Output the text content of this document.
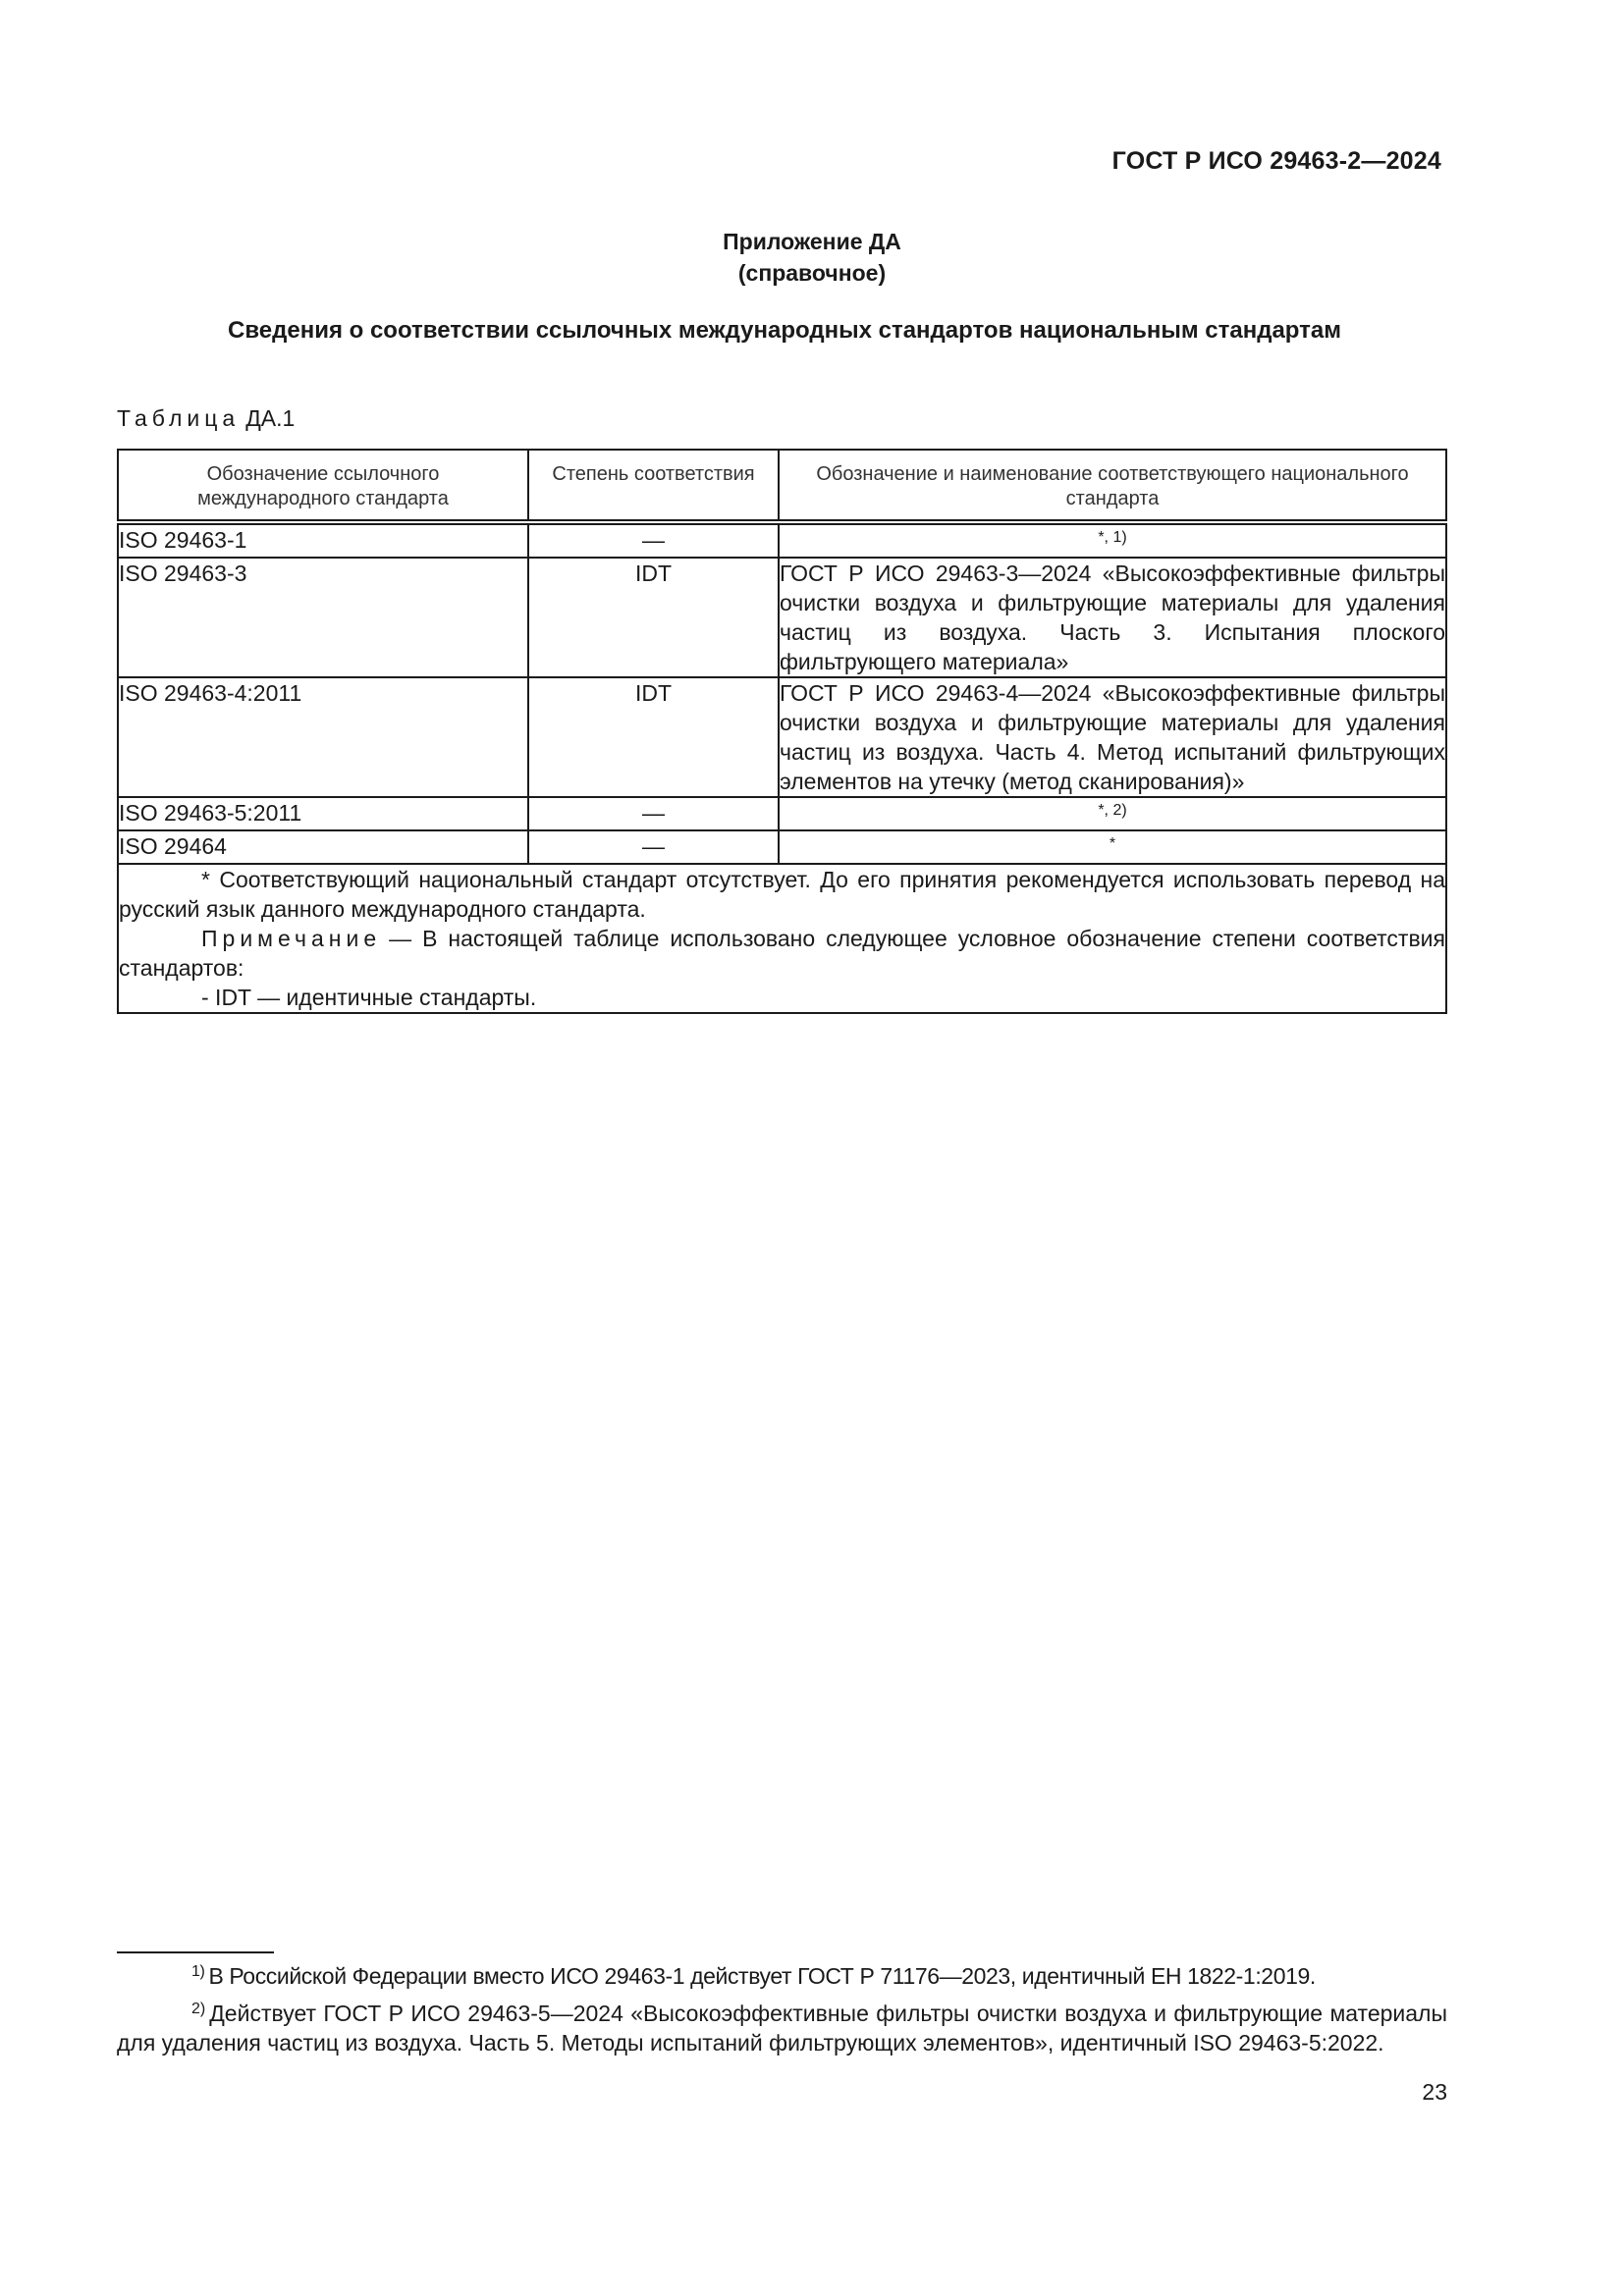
ГОСТ Р ИСО 29463-2—2024
Приложение ДА
(справочное)
Сведения о соответствии ссылочных международных стандартов национальным стандартам
Таблица ДА.1
Обозначение ссылочного международного стандарта	Степень соответствия	Обозначение и наименование соответствующего национального стандарта
ISO 29463-1	—	$^{*, 1)}$
ISO 29463-3	IDT	ГОСТ Р ИСО 29463-3—2024 «Высокоэффективные фильтры очистки воздуха и фильтрующие материалы для удаления частиц из воздуха. Часть 3. Испытания плоского фильтрующего материала»
ISO 29463-4:2011	IDT	ГОСТ Р ИСО 29463-4—2024 «Высокоэффективные фильтры очистки воздуха и фильтрующие материалы для удаления частиц из воздуха. Часть 4. Метод испытаний фильтрующих элементов на утечку (метод сканирования)»
ISO 29463-5:2011	—	$^{*, 2)}$
ISO 29464	—	*

* Соответствующий национальный стандарт отсутствует. До его принятия рекомендуется использовать перевод на русский язык данного международного стандарта.

Примечание — В настоящей таблице использовано следующее условное обозначение степени соответствия стандартов:

- IDT — идентичные стандарты.		

$^{1)}$ В Российской Федерации вместо ИСО 29463-1 действует ГОСТ Р 71176—2023, идентичный ЕН 1822-1:2019.
$^{2)}$ Действует ГОСТ Р ИСО 29463-5—2024 «Высокоэффективные фильтры очистки воздуха и фильтрующие материалы для удаления частиц из воздуха. Часть 5. Методы испытаний фильтрующих элементов», идентичный ISO 29463-5:2022.
23
